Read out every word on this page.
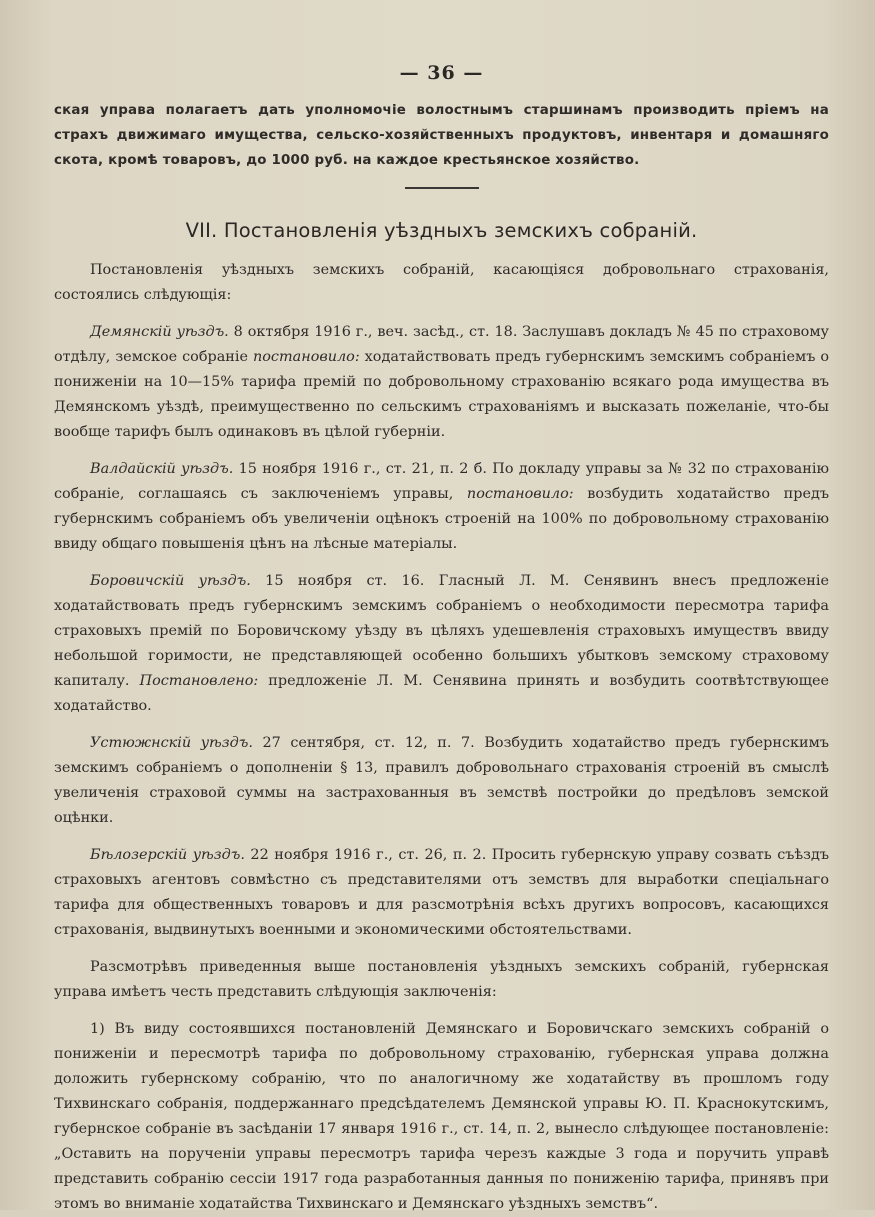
— 36 —

ская управа полагаетъ дать уполномочіе волостнымъ старшинамъ производить пріемъ на страхъ движимаго имущества, сельско-хозяйственныхъ продуктовъ, инвентаря и домашняго скота, кромѣ товаровъ, до 1000 руб. на каждое крестьянское хозяйство.

VII. Постановленія уѣздныхъ земскихъ собраній.

Постановленія уѣздныхъ земскихъ собраній, касающіяся добровольнаго страхованія, состоялись слѣдующія:

Демянскій уѣздъ. 8 октября 1916 г., веч. засѣд., ст. 18. Заслушавъ докладъ № 45 по страховому отдѣлу, земское собраніе постановило: ходатайствовать предъ губернскимъ земскимъ собраніемъ о пониженіи на 10—15% тарифа премій по добровольному страхованію всякаго рода имущества въ Демянскомъ уѣздѣ, преимущественно по сельскимъ страхованіямъ и высказать пожеланіе, что-бы вообще тарифъ былъ одинаковъ въ цѣлой губерніи.

Валдайскій уѣздъ. 15 ноября 1916 г., ст. 21, п. 2 б. По докладу управы за № 32 по страхованію собраніе, соглашаясь съ заключеніемъ управы, постановило: возбудить ходатайство предъ губернскимъ собраніемъ объ увеличеніи оцѣнокъ строеній на 100% по добровольному страхованію ввиду общаго повышенія цѣнъ на лѣсные матеріалы.

Боровичскій уѣздъ. 15 ноября ст. 16. Гласный Л. М. Сенявинъ внесъ предложеніе ходатайствовать предъ губернскимъ земскимъ собраніемъ о необходимости пересмотра тарифа страховыхъ премій по Боровичскому уѣзду въ цѣляхъ удешевленія страховыхъ имуществъ ввиду небольшой горимости, не представляющей особенно большихъ убытковъ земскому страховому капиталу. Постановлено: предложеніе Л. М. Сенявина принять и возбудить соотвѣтствующее ходатайство.

Устюжнскій уѣздъ. 27 сентября, ст. 12, п. 7. Возбудить ходатайство предъ губернскимъ земскимъ собраніемъ о дополненіи § 13, правилъ добровольнаго страхованія строеній въ смыслѣ увеличенія страховой суммы на застрахованныя въ земствѣ постройки до предѣловъ земской оцѣнки.

Бѣлозерскій уѣздъ. 22 ноября 1916 г., ст. 26, п. 2. Просить губернскую управу созвать съѣздъ страховыхъ агентовъ совмѣстно съ представителями отъ земствъ для выработки спеціальнаго тарифа для общественныхъ товаровъ и для разсмотрѣнія всѣхъ другихъ вопросовъ, касающихся страхованія, выдвинутыхъ военными и экономическими обстоятельствами.

Разсмотрѣвъ приведенныя выше постановленія уѣздныхъ земскихъ собраній, губернская управа имѣетъ честь представить слѣдующія заключенія:

1) Въ виду состоявшихся постановленій Демянскаго и Боровичскаго земскихъ собраній о пониженіи и пересмотрѣ тарифа по добровольному страхованію, губернская управа должна доложить губернскому собранію, что по аналогичному же ходатайству въ прошломъ году Тихвинскаго собранія, поддержаннаго предсѣдателемъ Демянской управы Ю. П. Краснокутскимъ, губернское собраніе въ засѣданіи 17 января 1916 г., ст. 14, п. 2, вынесло слѣдующее постановленіе: „Оставить на порученіи управы пересмотръ тарифа черезъ каждые 3 года и поручить управѣ представить собранію сессіи 1917 года разработанныя данныя по пониженію тарифа, принявъ при этомъ во вниманіе ходатайства Тихвинскаго и Демянскаго уѣздныхъ земствъ“.
